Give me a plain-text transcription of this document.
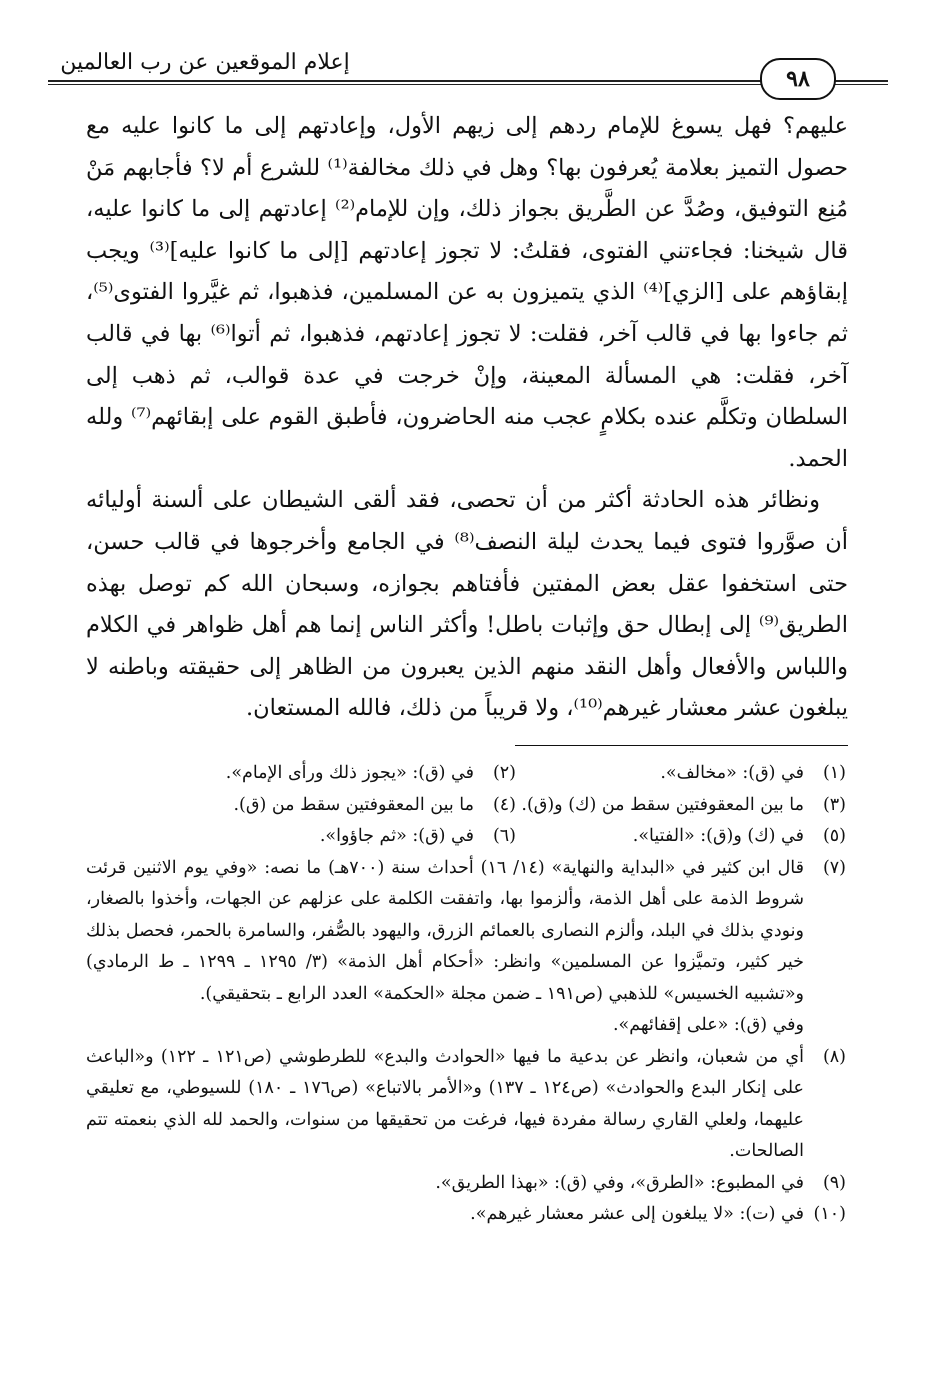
إعلام الموقعين عن رب العالمين
٩٨

عليهم؟ فهل يسوغ للإمام ردهم إلى زيهم الأول، وإعادتهم إلى ما كانوا عليه مع حصول التميز بعلامة يُعرفون بها؟ وهل في ذلك مخالفة⁽¹⁾ للشرع أم لا؟ فأجابهم مَنْ مُنِع التوفيق، وصُدَّ عن الطَّريق بجواز ذلك، وإن للإمام⁽²⁾ إعادتهم إلى ما كانوا عليه، قال شيخنا: فجاءتني الفتوى، فقلتُ: لا تجوز إعادتهم [إلى ما كانوا عليه]⁽³⁾ ويجب إبقاؤهم على [الزي]⁽⁴⁾ الذي يتميزون به عن المسلمين، فذهبوا، ثم غيَّروا الفتوى⁽⁵⁾، ثم جاءوا بها في قالب آخر، فقلت: لا تجوز إعادتهم، فذهبوا، ثم أتوا⁽⁶⁾ بها في قالب آخر، فقلت: هي المسألة المعينة، وإنْ خرجت في عدة قوالب، ثم ذهب إلى السلطان وتكلَّم عنده بكلامٍ عجب منه الحاضرون، فأطبق القوم على إبقائهم⁽⁷⁾ ولله الحمد.

ونظائر هذه الحادثة أكثر من أن تحصى، فقد ألقى الشيطان على ألسنة أوليائه أن صوَّروا فتوى فيما يحدث ليلة النصف⁽⁸⁾ في الجامع وأخرجوها في قالب حسن، حتى استخفوا عقل بعض المفتين فأفتاهم بجوازه، وسبحان الله كم توصل بهذه الطريق⁽⁹⁾ إلى إبطال حق وإثبات باطل! وأكثر الناس إنما هم أهل ظواهر في الكلام واللباس والأفعال وأهل النقد منهم الذين يعبرون من الظاهر إلى حقيقته وباطنه لا يبلغون عشر معشار غيرهم⁽¹⁰⁾، ولا قريباً من ذلك، فالله المستعان.

(١)
في (ق): «مخالف».
(٢)
في (ق): «يجوز ذلك ورأى الإمام».
(٣)
ما بين المعقوفتين سقط من (ك) و(ق).
(٤)
ما بين المعقوفتين سقط من (ق).
(٥)
في (ك) و(ق): «الفتيا».
(٦)
في (ق): «ثم جاؤوا».
(٧)
قال ابن كثير في «البداية والنهاية» (١٤/ ١٦) أحداث سنة (٧٠٠هـ) ما نصه: «وفي يوم الاثنين قرئت شروط الذمة على أهل الذمة، وألزموا بها، واتفقت الكلمة على عزلهم عن الجهات، وأخذوا بالصغار، ونودي بذلك في البلد، وألزم النصارى بالعمائم الزرق، واليهود بالصُّفر، والسامرة بالحمر، فحصل بذلك خير كثير، وتميَّزوا عن المسلمين» وانظر: «أحكام أهل الذمة» (٣/ ١٢٩٥ ـ ١٢٩٩ ـ ط الرمادي) و«تشبيه الخسيس» للذهبي (ص١٩١ ـ ضمن مجلة «الحكمة» العدد الرابع ـ بتحقيقي).
وفي (ق): «على إقفائهم».
(٨)
أي من شعبان، وانظر عن بدعية ما فيها «الحوادث والبدع» للطرطوشي (ص١٢١ ـ ١٢٢) و«الباعث على إنكار البدع والحوادث» (ص١٢٤ ـ ١٣٧) و«الأمر بالاتباع» (ص١٧٦ ـ ١٨٠) للسيوطي، مع تعليقي عليهما، ولعلي القاري رسالة مفردة فيها، فرغت من تحقيقها من سنوات، والحمد لله الذي بنعمته تتم الصالحات.
(٩)
في المطبوع: «الطرق»، وفي (ق): «بهذا الطريق».
(١٠)
في (ت): «لا يبلغون إلى عشر معشار غيرهم».
